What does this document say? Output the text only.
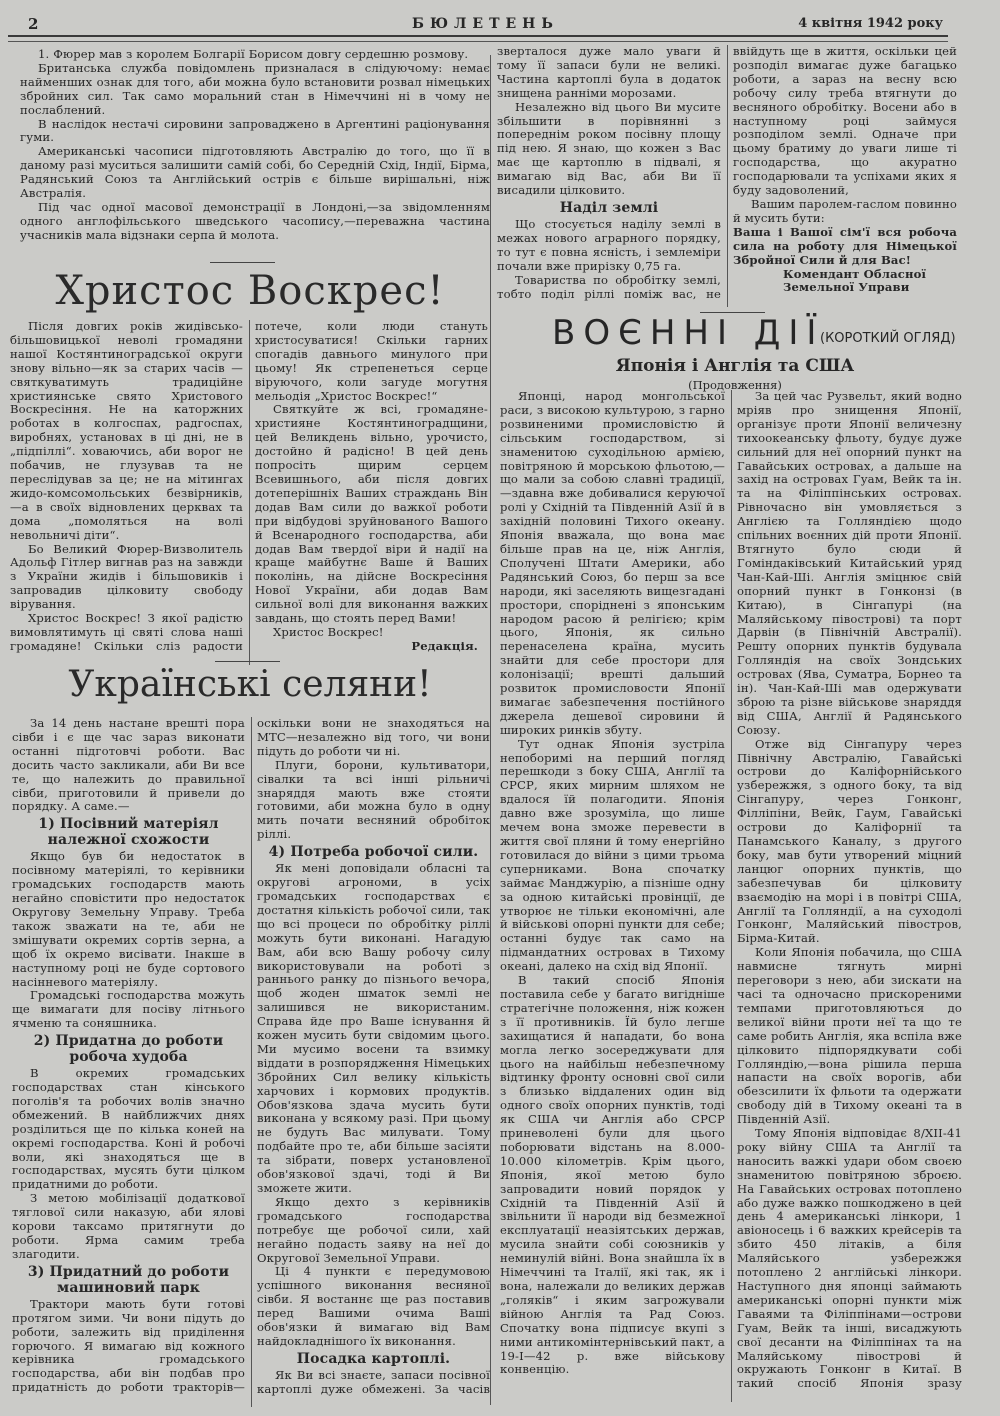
2	БЮЛЕТЕНЬ	4 квітня 1942 року

1. Фюрер мав з королем Болгарії Борисом довгу сердешню розмову.

Британська служба повідомлень призналася в слідуючому: немає найменших ознак для того, аби можна було встановити розвал німецьких збройних сил. Так само моральний стан в Німеччині ні в чому не послаблений.

В наслідок нестачі сировини запроваджено в Аргентині раціонування гуми.

Американські часописи підготовляють Австралію до того, що її в даному разі муситься залишити самій собі, бо Середній Схід, Індії, Бірма, Радянський Союз та Англійський острів є більше вирішальні, ніж Австралія.

Під час одної масової демонстрації в Лондоні,—за звідомленням одного англофільського шведського часопису,—переважна частина учасників мала відзнаки серпа й молота.

зверталося дуже мало уваги й тому її запаси були не великі. Частина картоплі була в додаток знищена ранніми морозами.

Незалежно від цього Ви мусите збільшити в порівнянні з попереднім роком посівну площу під нею. Я знаю, що кожен з Вас має ще картоплю в підвалі, я вимагаю від Вас, аби Ви її висадили цілковито.

Наділ землі

Що стосується наділу землі в межах нового аграрного порядку, то тут є повна ясність, і землеміри почали вже прирізку 0,75 га.

Товариства по обробітку землі, тобто поділ ріллі поміж вас, не ввійдуть ще в життя, оскільки цей розподіл вимагає дуже багацько роботи, а зараз на весну всю робочу силу треба втягнути до весняного обробітку. Восени або в наступному році займуся розподілом землі. Одначе при цьому братиму до уваги лише ті господарства, що акуратно господарювали та успіхами яких я буду задоволений,

Вашим паролем-гаслом повинно й мусить бути:

Ваша і Вашої сім'ї вся робоча сила на роботу для Німецької Збройної Сили й для Вас!

Комендант Обласної

Земельної Управи

Христос Воскрес!

Після довгих років жидівсько-більшовицької неволі громадяни нашої Костянтиноградської округи знову вільно—як за старих часів — святкуватимуть традиційне християнське свято Христового Воскресіння. Не на каторжних роботах в колгоспах, радгоспах, виробнях, установах в ці дні, не в „підпіллі“. ховаючись, аби ворог не побачив, не глузував та не переслідував за це; не на мітингах жидо-комсомольських безвірників, —а в своїх відновлених церквах та дома „помоляться на волі невольничі діти“.

Бо Великий Фюрер-Визволитель Адольф Гітлер вигнав раз на завжди з України жидів і більшовиків і запровадив цілковиту свободу вірування.

Христос Воскрес! З якої радістю вимовлятимуть ці святі слова наші громадяне! Скільки сліз радости потече, коли люди стануть христосуватися! Скільки гарних спогадів давнього минулого при цьому! Як стрепенеться серце віруючого, коли загуде могутня мельодія „Христос Воскрес!“

Святкуйте ж всі, громадяне-християне Костянтиноградщини, цей Великдень вільно, урочисто, достойно й радісно! В цей день попросіть щирим серцем Всевишнього, аби після довгих дотеперішніх Ваших страждань Він додав Вам сили до важкої роботи при відбудові зруйнованого Вашого й Всенародного господарства, аби додав Вам твердої віри й надії на краще майбутнє Ваше й Ваших поколінь, на дійсне Воскресіння Нової України, аби додав Вам сильної волі для виконання важких завдань, що стоять перед Вами!

Христос Воскрес!

Редакція.

Українські селяни!

За 14 день настане врешті пора сівби і є ще час зараз виконати останні підготовчі роботи. Вас досить часто закликали, аби Ви все те, що належить до правильної сівби, приготовили й привели до порядку. А саме.—

1) Посівний матеріял належної схожости

Якщо був би недостаток в посівному матеріялі, то керівники громадських господарств мають негайно сповістити про недостаток Округову Земельну Управу. Треба також зважати на те, аби не змішувати окремих сортів зерна, а щоб їх окремо висівати. Інакше в наступному році не буде сортового насінневого матеріялу.

Громадські господарства можуть ще вимагати для посіву літнього ячменю та соняшника.

2) Придатна до роботи робоча худоба

В окремих громадських господарствах стан кінського поголів'я та робочих волів значно обмежений. В найближчих днях розділиться ще по кілька коней на окремі господарства. Коні й робочі воли, які знаходяться ще в господарствах, мусять бути цілком придатними до роботи.

З метою мобілізації додаткової тяглової сили наказую, аби ялові корови таксамо притягнути до роботи. Ярма самим треба злагодити.

3) Придатний до роботи машиновий парк

Трактори мають бути готові протягом зими. Чи вони підуть до роботи, залежить від приділення горючого. Я вимагаю від кожного керівника громадського господарства, аби він подбав про придатність до роботи тракторів—оскільки вони не знаходяться на МТС—незалежно від того, чи вони підуть до роботи чи ні.

Плуги, борони, культиватори, сівалки та всі інші рільничі знаряддя мають вже стояти готовими, аби можна було в одну мить почати весняний обробіток ріллі.

4) Потреба робочої сили.

Як мені доповідали обласні та округові агрономи, в усіх громадських господарствах є достатня кількість робочої сили, так що всі процеси по обробітку ріллі можуть бути виконані. Нагадую Вам, аби всю Вашу робочу силу використовували на роботі з раннього ранку до пізнього вечора, щоб жоден шматок землі не залишився не використаним. Справа йде про Ваше існування й кожен мусить бути свідомим цього. Ми мусимо восени та взимку віддати в розпорядження Німецьких Збройних Сил велику кількість харчових і кормових продуктів. Обов'язкова здача мусить бути виконана у всякому разі. При цьому не будуть Вас милувати. Тому подбайте про те, аби більше засіяти та зібрати, поверх установленої обов'язкової здачі, тоді й Ви зможете жити.

Якщо дехто з керівників громадського господарства потребує ще робочої сили, хай негайно подасть заяву на неї до Округової Земельної Управи.

Ці 4 пункти є передумовою успішного виконання весняної сівби. Я востаннє ще раз поставив перед Вашими очима Ваші обов'язки й вимагаю від Вам найдокладнішого їх виконання.

Посадка картоплі.

Як Ви всі знаєте, запаси посівної картоплі дуже обмежені. За часів

ВОЄННІ ДІЇ
(КОРОТКИЙ ОГЛЯД)
Японія і Англія та США
(Продовження)

Японці, народ монгольської раси, з високою культурою, з гарно розвиненими промисловістю й сільським господарством, зі знаменитою суходільною армією, повітряною й морською фльотою,—що мали за собою славні традиції,—здавна вже добивалися керуючої ролі у Східній та Південній Азії й в західній половині Тихого океану. Японія вважала, що вона має більше прав на це, ніж Англія, Сполучені Штати Америки, або Радянський Союз, бо перш за все народи, які заселяють вищезгадані простори, споріднені з японським народом расою й релігією; крім цього, Японія, як сильно перенаселена країна, мусить знайти для себе простори для колонізації; врешті дальший розвиток промисловости Японії вимагає забезпечення постійного джерела дешевої сировини й широких ринків збуту.

Тут однак Японія зустріла непоборимі на перший погляд перешкоди з боку США, Англії та СРСР, яких мирним шляхом не вдалося їй полагодити. Японія давно вже зрозуміла, що лише мечем вона зможе перевести в життя свої пляни й тому енергійно готовилася до війни з цими трьома суперниками. Вона спочатку займає Манджурію, а пізніше одну за одною китайські провінції, де утворює не тільки економічні, але й військові опорні пункти для себе; останні будує так само на підмандатних островах в Тихому океані, далеко на схід від Японії.

В такий спосіб Японія поставила себе у багато вигідніше стратегічне положення, ніж кожен з її противників. Їй було легше захищатися й нападати, бо вона могла легко зосереджувати для цього на найбільш небезпечному відтинку фронту основні свої сили з близько віддалених один від одного своїх опорних пунктів, тоді як США чи Англія або СРСР приневолені були для цього поборювати відстань на 8.000-10.000 кілометрів. Крім цього, Японія, якої метою було запровадити новий порядок у Східній та Південній Азії й звільнити її народи від безмежної експлуатації неазіятських держав, мусила знайти собі союзників у неминулій війні. Вона знайшла їх в Німеччині та Італії, які так, як і вона, належали до великих держав „голяків“ і яким загрожували війною Англія та Рад Союз. Спочатку вона підписує вкупі з ними антикомінтернівський пакт, а 19-I—42 р. вже військову конвенцію.

За цей час Рузвельт, який водно мріяв про знищення Японії, організує проти Японії величезну тихоокеанську фльоту, будує дуже сильний для неї опорний пункт на Гавайських островах, а дальше на захід на островах Гуам, Вейк та ін. та на Філіппінських островах. Рівночасно він умовляється з Англією та Голляндією щодо спільних воєнних дій проти Японії. Втягнуто було сюди й Гоміндаківський Китайський уряд Чан-Кай-Ші. Англія зміцнює свій опорний пункт в Гонконзі (в Китаю), в Сінгапурі (на Маляйському півострові) та порт Дарвін (в Північній Австралії). Решту опорних пунктів будувала Голляндія на своїх Зондських островах (Ява, Суматра, Борнео та ін). Чан-Кай-Ші мав одержувати зброю та різне військове знаряддя від США, Англії й Радянського Союзу.

Отже від Сінгапуру через Північну Австралію, Гавайські острови до Каліфорнійського узбережжя, з одного боку, та від Сінгапуру, через Гонконг, Філліпіни, Вейк, Гаум, Гавайські острови до Каліфорнії та Панамського Каналу, з другого боку, мав бути утворений міцний ланцюг опорних пунктів, що забезпечував би цілковиту взаємодію на морі і в повітрі США, Англії та Голляндії, а на суходолі Гонконг, Маляйський півостров, Бірма-Китай.

Коли Японія побачила, що США навмисне тягнуть мирні переговори з нею, аби зискати на часі та одночасно прискореними темпами приготовляються до великої війни проти неї та що те саме робить Англія, яка вспіла вже цілковито підпорядкувати собі Голляндію,—вона рішила перша напасти на своїх ворогів, аби обезсилити їх фльоти та одержати свободу дій в Тихому океані та в Південній Азії.

Тому Японія відповідає 8/XII-41 року війну США та Англії та наносить важкі удари обом своєю знаменитою повітряною зброєю. На Гавайських островах потоплено або дуже важко пошкоджено в цей день 4 американські лінкори, 1 авіоносець і 6 важких крейсерів та збито 450 літаків, а біля Маляйського узбережжя потоплено 2 англійські лінкори. Наступного дня японці займають американські опорні пункти між Гаваями та Філіппінами—острови Гуам, Вейк та інші, висаджують свої десанти на Філіппінах та на Маляйському півострові й окружають Гонконг в Китаї. В такий спосіб Японія зразу
